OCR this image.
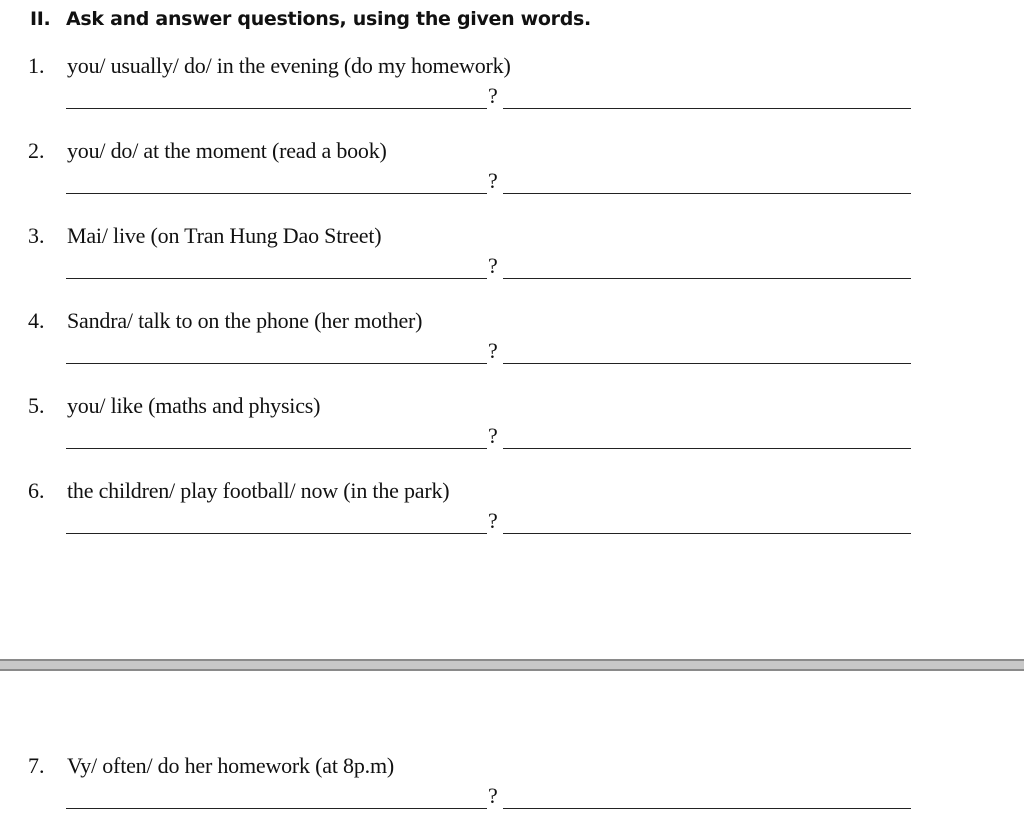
II. Ask and answer questions, using the given words.
1.	you/ usually/ do/ in the evening (do my homework)
?
2.	you/ do/ at the moment (read a book)
?
3.	Mai/ live (on Tran Hung Dao Street)
?
4.	Sandra/ talk to on the phone (her mother)
?
5.	you/ like (maths and physics)
?
6.	the children/ play football/ now (in the park)
?
7.	Vy/ often/ do her homework (at 8p.m)
?
